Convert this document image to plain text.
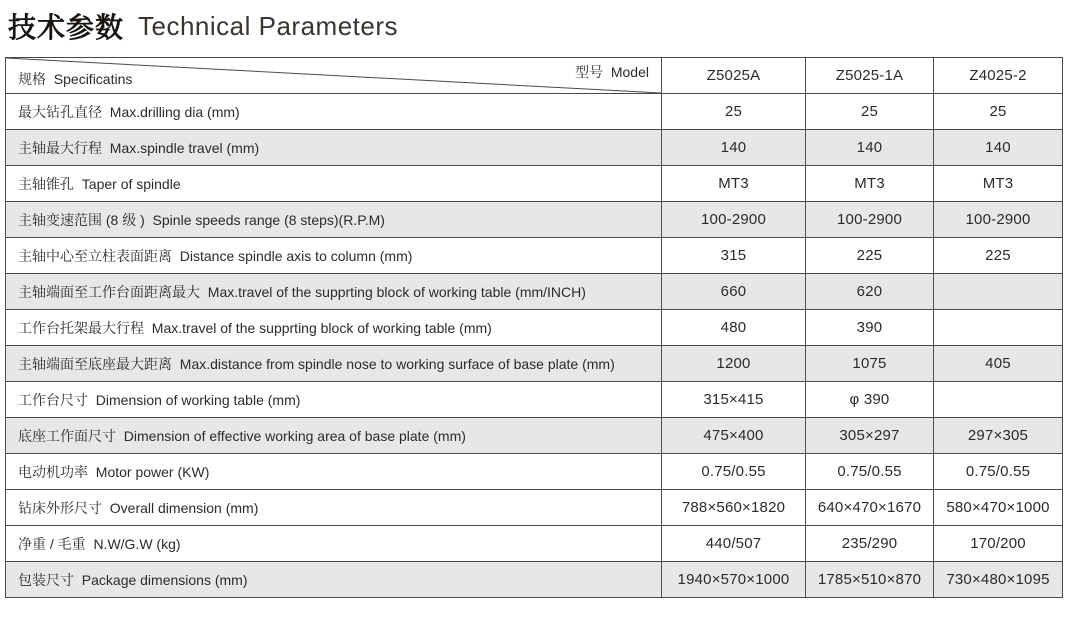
技术参数 Technical Parameters
规格  Specificatins 型号  Model	Z5025A	Z5025-1A	Z4025-2
最大钻孔直径  Max.drilling dia (mm)	25	25	25
主轴最大行程  Max.spindle travel (mm)	140	140	140
主轴锥孔  Taper of spindle	MT3	MT3	MT3
主轴变速范围 (8 级 )  Spinle speeds range (8 steps)(R.P.M)	100-2900	100-2900	100-2900
主轴中心至立柱表面距离  Distance spindle axis to column (mm)	315	225	225
主轴端面至工作台面距离最大  Max.travel of the supprting block of working table (mm/INCH)	660	620	
工作台托架最大行程  Max.travel of the supprting block of working table (mm)	480	390	
主轴端面至底座最大距离  Max.distance from spindle nose to working surface of base plate (mm)	1200	1075	405
工作台尺寸  Dimension of working table (mm)	315×415	φ 390	
底座工作面尺寸  Dimension of effective working area of base plate (mm)	475×400	305×297	297×305
电动机功率  Motor power (KW)	0.75/0.55	0.75/0.55	0.75/0.55
钻床外形尺寸  Overall dimension (mm)	788×560×1820	640×470×1670	580×470×1000
净重 / 毛重  N.W/G.W (kg)	440/507	235/290	170/200
包装尺寸  Package dimensions (mm)	1940×570×1000	1785×510×870	730×480×1095
